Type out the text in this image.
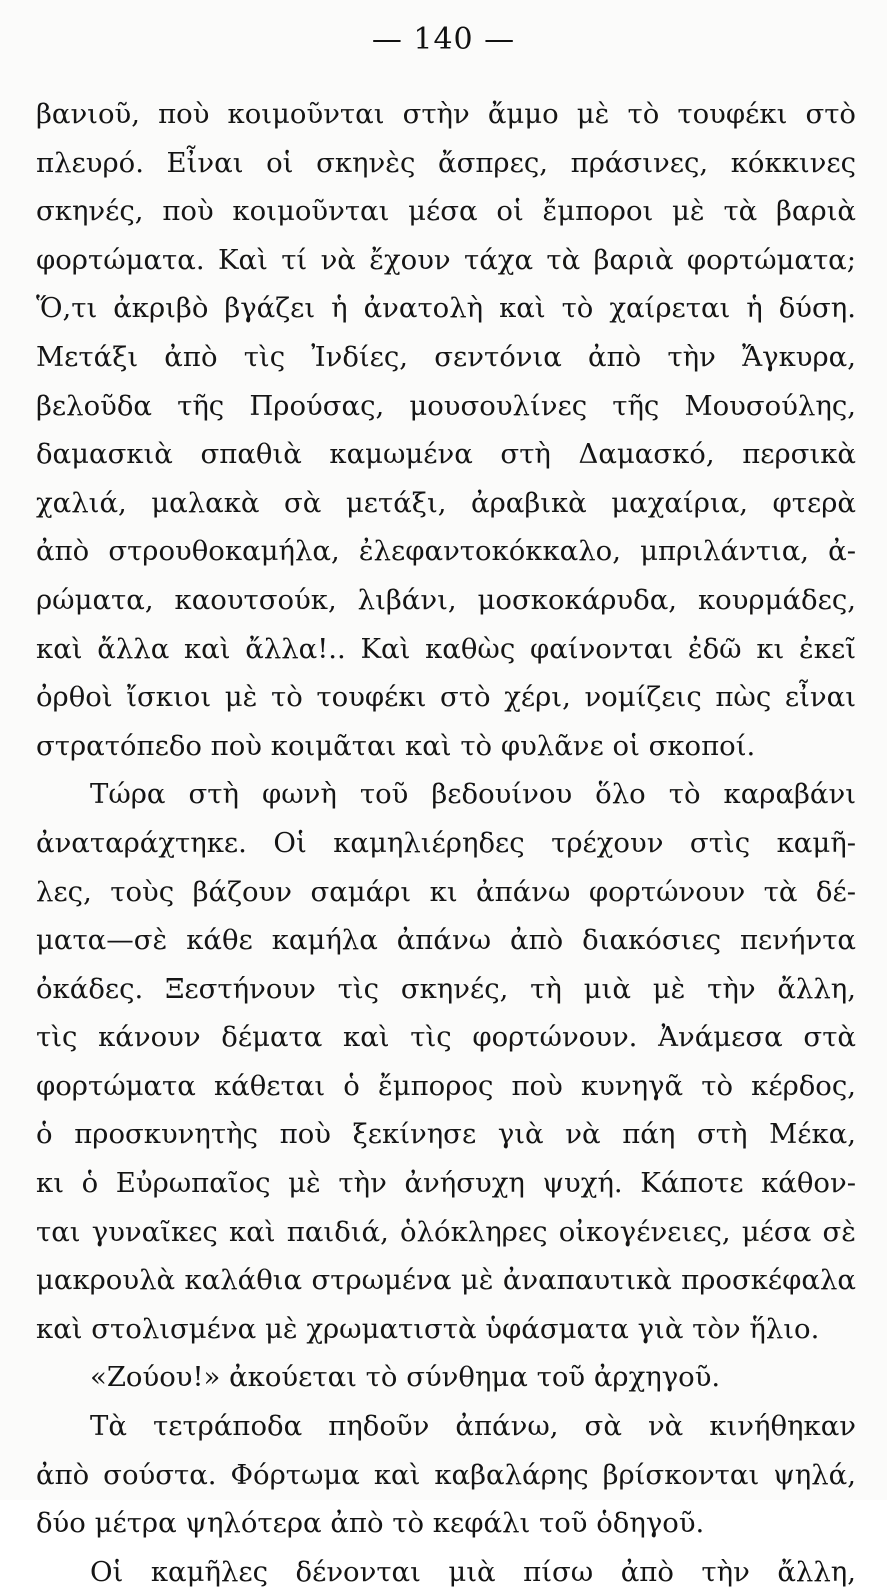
— 140 —
βανιοῦ, ποὺ κοιμοῦνται στὴν ἄμμο μὲ τὸ τουφέκι στὸ
πλευρό. Εἶναι οἱ σκηνὲς ἄσπρες, πράσινες, κόκκινες
σκηνές, ποὺ κοιμοῦνται μέσα οἱ ἔμποροι μὲ τὰ βαριὰ
φορτώματα. Καὶ τί νὰ ἔχουν τάχα τὰ βαριὰ φορτώματα;
Ὅ,τι ἀκριβὸ βγάζει ἡ ἀνατολὴ καὶ τὸ χαίρεται ἡ δύση.
Μετάξι ἀπὸ τὶς Ἰνδίες, σεντόνια ἀπὸ τὴν Ἄγκυρα,
βελοῦδα τῆς Προύσας, μουσουλίνες τῆς Μουσούλης,
δαμασκιὰ σπαθιὰ καμωμένα στὴ Δαμασκό, περσικὰ
χαλιά, μαλακὰ σὰ μετάξι, ἀραβικὰ μαχαίρια, φτερὰ
ἀπὸ στρουθοκαμήλα, ἐλεφαντοκόκκαλο, μπριλάντια, ἀ-
ρώματα, καουτσούκ, λιβάνι, μοσκοκάρυδα, κουρμάδες,
καὶ ἄλλα καὶ ἄλλα!.. Καὶ καθὼς φαίνονται ἐδῶ κι ἐκεῖ
ὀρθοὶ ἴσκιοι μὲ τὸ τουφέκι στὸ χέρι, νομίζεις πὼς εἶναι
στρατόπεδο ποὺ κοιμᾶται καὶ τὸ φυλᾶνε οἱ σκοποί.
Τώρα στὴ φωνὴ τοῦ βεδουίνου ὅλο τὸ καραβάνι
ἀναταράχτηκε. Οἱ καμηλιέρηδες τρέχουν στὶς καμῆ-
λες, τοὺς βάζουν σαμάρι κι ἀπάνω φορτώνουν τὰ δέ-
ματα—σὲ κάθε καμήλα ἀπάνω ἀπὸ διακόσιες πενήντα
ὀκάδες. Ξεστήνουν τὶς σκηνές, τὴ μιὰ μὲ τὴν ἄλλη,
τὶς κάνουν δέματα καὶ τὶς φορτώνουν. Ἀνάμεσα στὰ
φορτώματα κάθεται ὁ ἔμπορος ποὺ κυνηγᾶ τὸ κέρδος,
ὁ προσκυνητὴς ποὺ ξεκίνησε γιὰ νὰ πάη στὴ Μέκα,
κι ὁ Εὐρωπαῖος μὲ τὴν ἀνήσυχη ψυχή. Κάποτε κάθον-
ται γυναῖκες καὶ παιδιά, ὁλόκληρες οἰκογένειες, μέσα σὲ
μακρουλὰ καλάθια στρωμένα μὲ ἀναπαυτικὰ προσκέφαλα
καὶ στολισμένα μὲ χρωματιστὰ ὑφάσματα γιὰ τὸν ἥλιο.
«Ζούου!» ἀκούεται τὸ σύνθημα τοῦ ἀρχηγοῦ.
Τὰ τετράποδα πηδοῦν ἀπάνω, σὰ νὰ κινήθηκαν
ἀπὸ σούστα. Φόρτωμα καὶ καβαλάρης βρίσκονται ψηλά,
δύο μέτρα ψηλότερα ἀπὸ τὸ κεφάλι τοῦ ὁδηγοῦ.
Οἱ καμῆλες δένονται μιὰ πίσω ἀπὸ τὴν ἄλλη,
